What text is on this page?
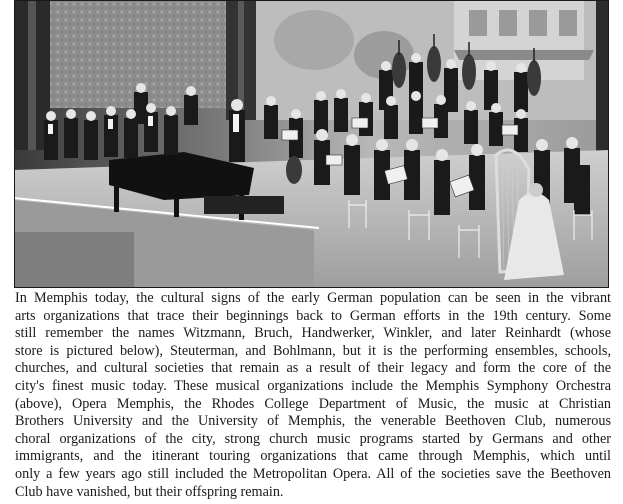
In Memphis today, the cultural signs of the early German population can be seen in the vibrant
arts organizations that trace their beginnings back to German efforts in the 19th century. Some
still remember the names Witzmann, Bruch, Handwerker, Winkler, and later Reinhardt (whose
store is pictured below), Steuterman, and Bohlmann, but it is the performing ensembles, schools,
churches, and cultural societies that remain as a result of their legacy and form the core of the
city's finest music today. These musical organizations include the Memphis Symphony Orchestra
(above), Opera Memphis, the Rhodes College Department of Music, the music at Christian
Brothers University and the University of Memphis, the venerable Beethoven Club, numerous
choral organizations of the city, strong church music programs started by Germans and other
immigrants, and the itinerant touring organizations that came through Memphis, which until
only a few years ago still included the Metropolitan Opera. All of the societies save the Beethoven
Club have vanished, but their offspring remain.
